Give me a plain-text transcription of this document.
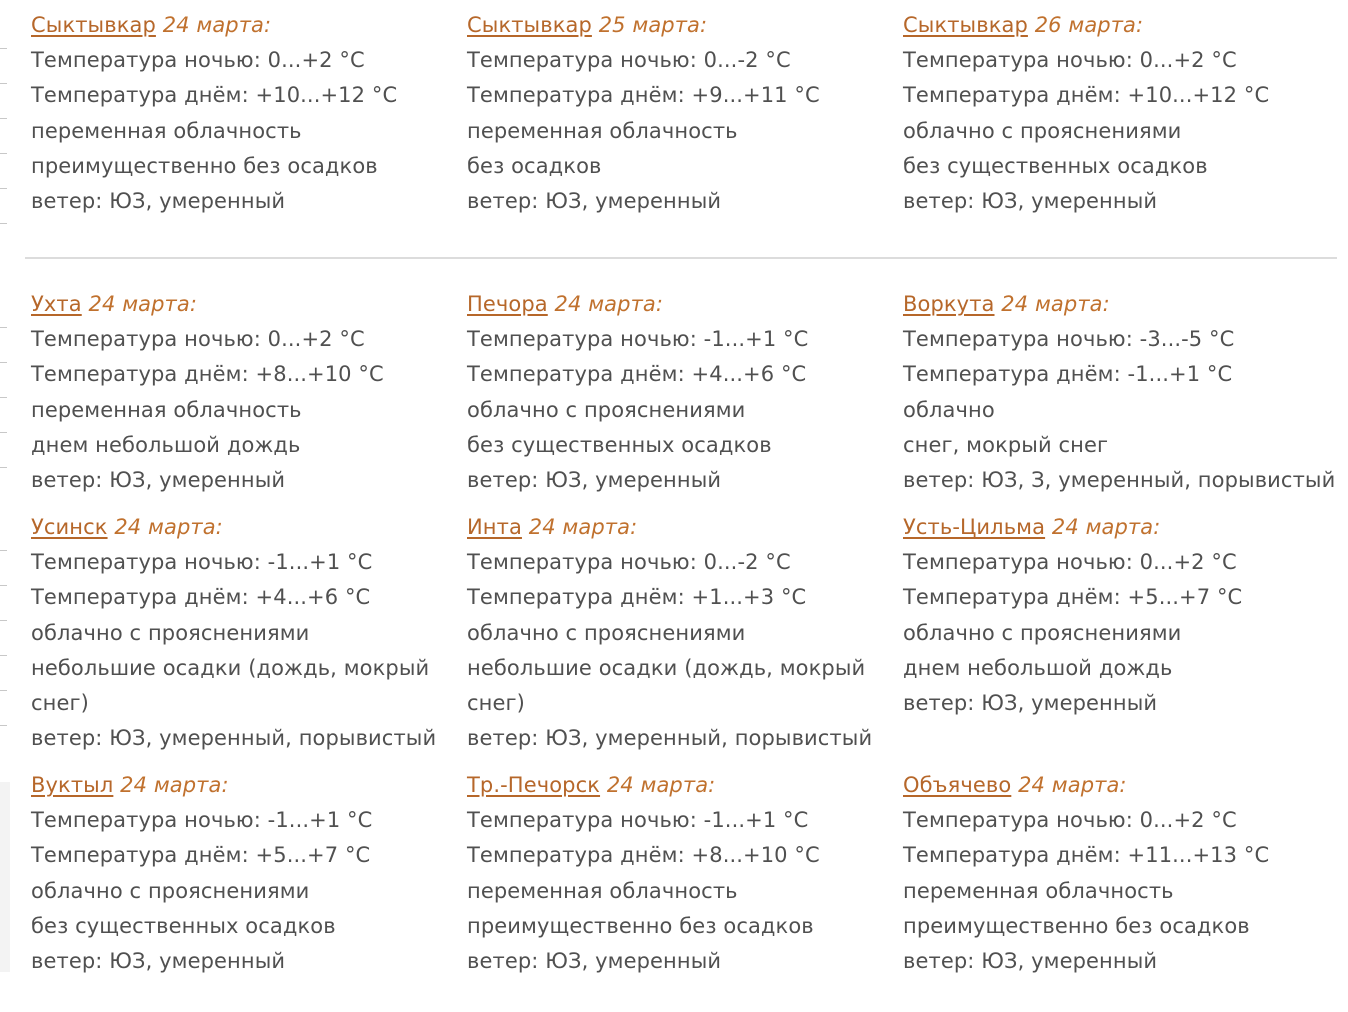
Сыктывкар 24 марта:
Температура ночью: 0...+2 °С
Температура днём: +10...+12 °С
переменная облачность
преимущественно без осадков
ветер: ЮЗ, умеренный
Сыктывкар 25 марта:
Температура ночью: 0...-2 °С
Температура днём: +9...+11 °С
переменная облачность
без осадков
ветер: ЮЗ, умеренный
Сыктывкар 26 марта:
Температура ночью: 0...+2 °С
Температура днём: +10...+12 °С
облачно с прояснениями
без существенных осадков
ветер: ЮЗ, умеренный
Ухта 24 марта:
Температура ночью: 0...+2 °С
Температура днём: +8...+10 °С
переменная облачность
днем небольшой дождь
ветер: ЮЗ, умеренный
Печора 24 марта:
Температура ночью: -1...+1 °С
Температура днём: +4...+6 °С
облачно с прояснениями
без существенных осадков
ветер: ЮЗ, умеренный
Воркута 24 марта:
Температура ночью: -3...-5 °С
Температура днём: -1...+1 °С
облачно
снег, мокрый снег
ветер: ЮЗ, З, умеренный, порывистый
Усинск 24 марта:
Температура ночью: -1...+1 °С
Температура днём: +4...+6 °С
облачно с прояснениями
небольшие осадки (дождь, мокрый снег)
ветер: ЮЗ, умеренный, порывистый
Инта 24 марта:
Температура ночью: 0...-2 °С
Температура днём: +1...+3 °С
облачно с прояснениями
небольшие осадки (дождь, мокрый снег)
ветер: ЮЗ, умеренный, порывистый
Усть-Цильма 24 марта:
Температура ночью: 0...+2 °С
Температура днём: +5...+7 °С
облачно с прояснениями
днем небольшой дождь
ветер: ЮЗ, умеренный
Вуктыл 24 марта:
Температура ночью: -1...+1 °С
Температура днём: +5...+7 °С
облачно с прояснениями
без существенных осадков
ветер: ЮЗ, умеренный
Тр.-Печорск 24 марта:
Температура ночью: -1...+1 °С
Температура днём: +8...+10 °С
переменная облачность
преимущественно без осадков
ветер: ЮЗ, умеренный
Объячево 24 марта:
Температура ночью: 0...+2 °С
Температура днём: +11...+13 °С
переменная облачность
преимущественно без осадков
ветер: ЮЗ, умеренный
